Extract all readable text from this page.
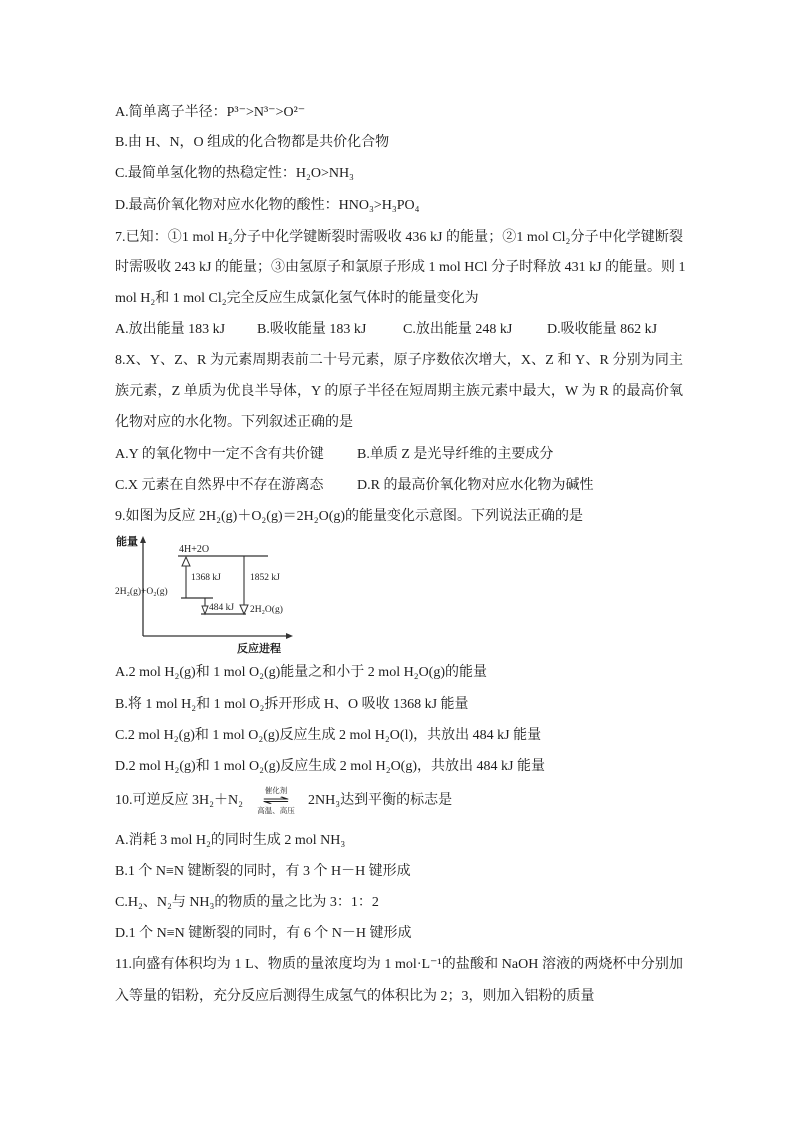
A.简单离子半径：P³⁻>N³⁻>O²⁻
B.由 H、N，O 组成的化合物都是共价化合物
C.最简单氢化物的热稳定性：H₂O>NH₃
D.最高价氧化物对应水化物的酸性：HNO₃>H₃PO₄
7.已知：①1 mol H₂分子中化学键断裂时需吸收 436 kJ 的能量；②1 mol Cl₂分子中化学键断裂
时需吸收 243 kJ 的能量；③由氢原子和氯原子形成 1 mol HCl 分子时释放 431 kJ 的能量。则 1
mol H₂和 1 mol Cl₂完全反应生成氯化氢气体时的能量变化为
A.放出能量 183 kJ B.吸收能量 183 kJ	C.放出能量 248 kJ D.吸收能量 862 kJ
8.X、Y、Z、R 为元素周期表前二十号元素，原子序数依次增大，X、Z 和 Y、R 分别为同主
族元素，Z 单质为优良半导体，Y 的原子半径在短周期主族元素中最大，W 为 R 的最高价氧
化物对应的水化物。下列叙述正确的是
A.Y 的氧化物中一定不含有共价键 B.单质 Z 是光导纤维的主要成分
C.X 元素在自然界中不存在游离态 D.R 的最高价氧化物对应水化物为碱性
9.如图为反应 2H₂(g)＋O₂(g)＝2H₂O(g)的能量变化示意图。下列说法正确的是
能量
反应进程
4H+2O
2H₂(g)+O₂(g)
2H₂O(g)
1368 kJ	1852 kJ
484 kJ
A.2 mol H₂(g)和 1 mol O₂(g)能量之和小于 2 mol H₂O(g)的能量
B.将 1 mol H₂和 1 mol O₂拆开形成 H、O 吸收 1368 kJ 能量
C.2 mol H₂(g)和 1 mol O₂(g)反应生成 2 mol H₂O(l)，共放出 484 kJ 能量
D.2 mol H₂(g)和 1 mol O₂(g)反应生成 2 mol H₂O(g)，共放出 484 kJ 能量
10.可逆反应 3H₂＋N₂
催化剂
⇌
高温、高压
2NH₃达到平衡的标志是
A.消耗 3 mol H₂的同时生成 2 mol NH₃
B.1 个 N≡N 键断裂的同时，有 3 个 H－H 键形成
C.H₂、N₂与 NH₃的物质的量之比为 3：1：2
D.1 个 N≡N 键断裂的同时，有 6 个 N－H 键形成
11.向盛有体积均为 1 L、物质的量浓度均为 1 mol·L⁻¹的盐酸和 NaOH 溶液的两烧杯中分别加
入等量的铝粉，充分反应后测得生成氢气的体积比为 2；3，则加入铝粉的质量
